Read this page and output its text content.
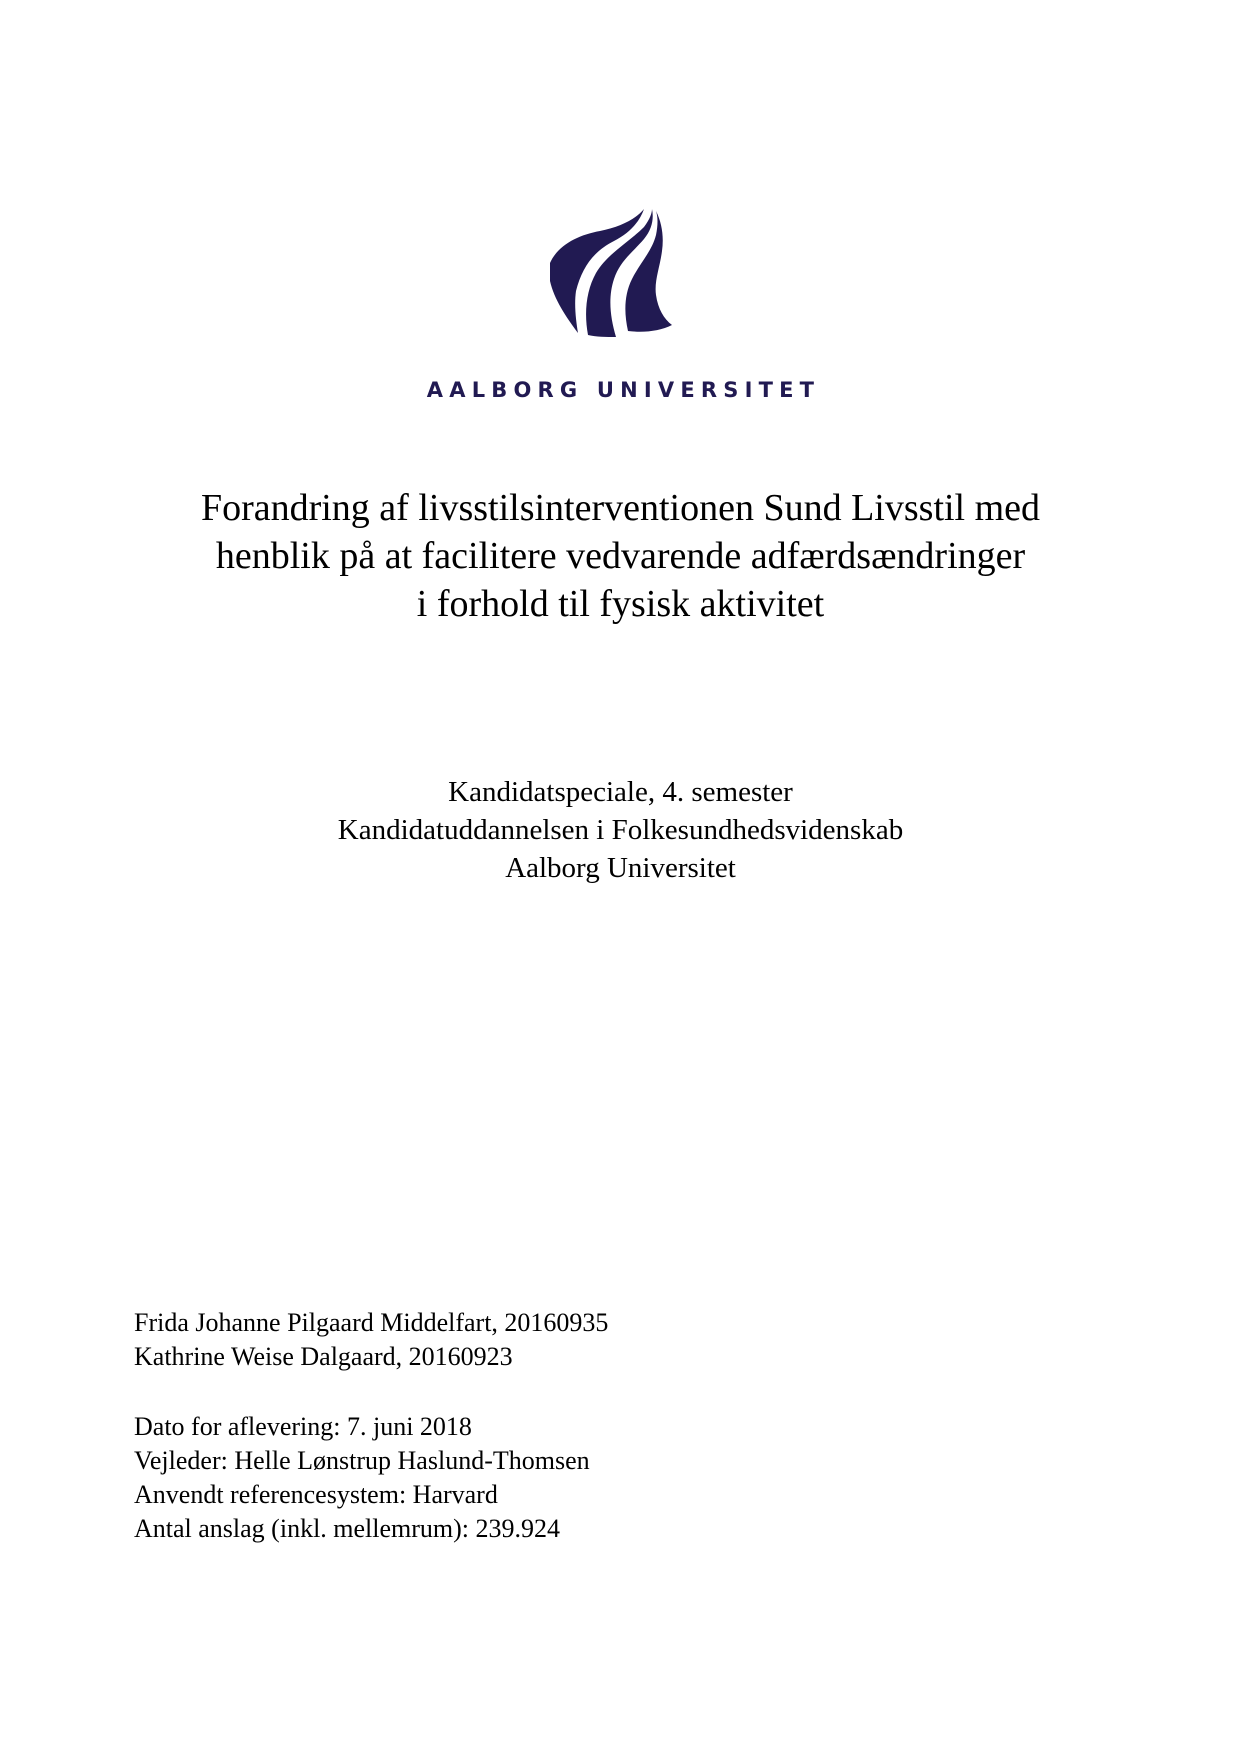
AALBORG UNIVERSITET
Forandring af livsstilsinterventionen Sund Livsstil med
henblik på at facilitere vedvarende adfærdsændringer
i forhold til fysisk aktivitet
Kandidatspeciale, 4. semester
Kandidatuddannelsen i Folkesundhedsvidenskab
Aalborg Universitet
Frida Johanne Pilgaard Middelfart, 20160935
Kathrine Weise Dalgaard, 20160923
Dato for aflevering: 7. juni 2018
Vejleder: Helle Lønstrup Haslund-Thomsen
Anvendt referencesystem: Harvard
Antal anslag (inkl. mellemrum): 239.924
